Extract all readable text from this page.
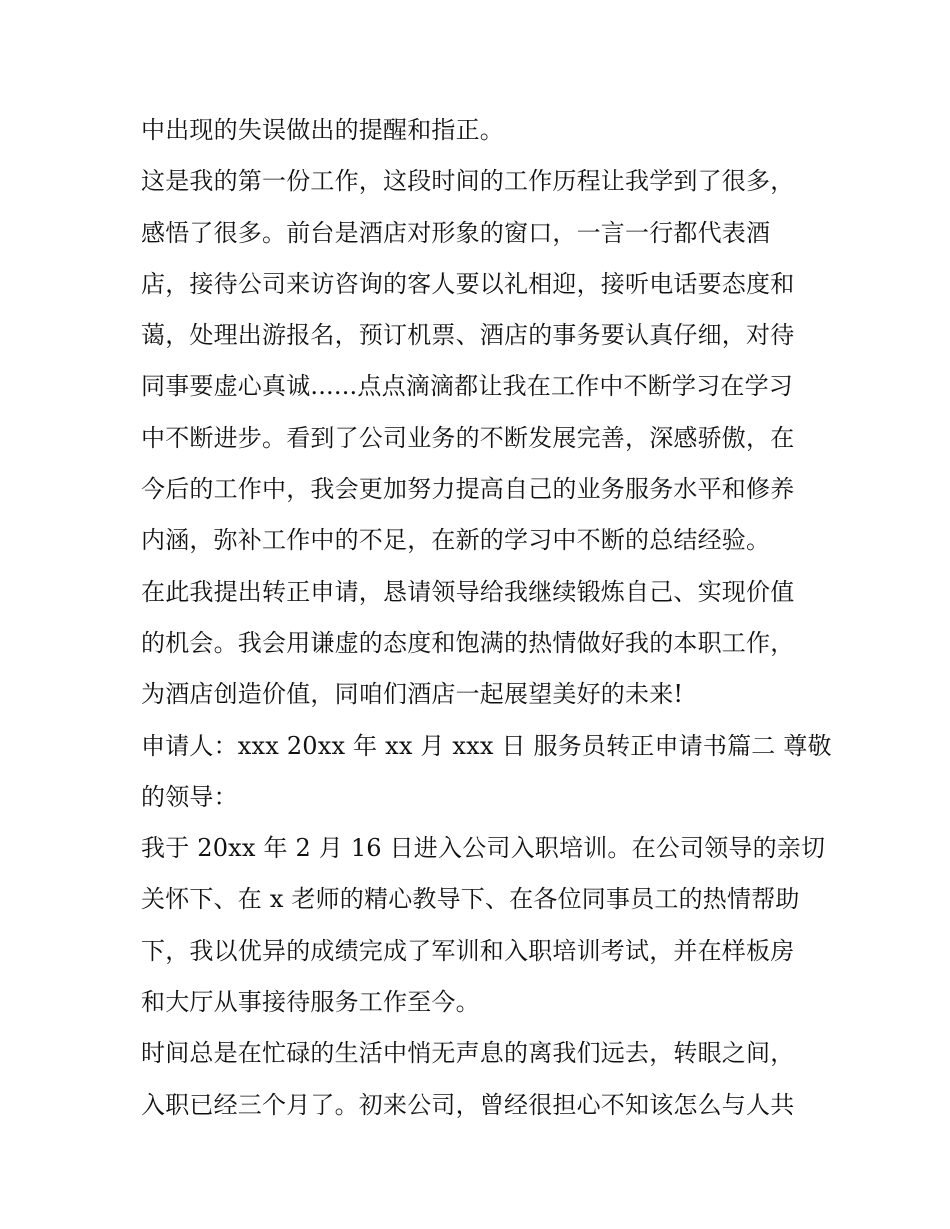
中出现的失误做出的提醒和指正。
这是我的第一份工作，这段时间的工作历程让我学到了很多，
感悟了很多。前台是酒店对形象的窗口，一言一行都代表酒
店，接待公司来访咨询的客人要以礼相迎，接听电话要态度和
蔼，处理出游报名，预订机票、酒店的事务要认真仔细，对待
同事要虚心真诚......点点滴滴都让我在工作中不断学习在学习
中不断进步。看到了公司业务的不断发展完善，深感骄傲，在
今后的工作中，我会更加努力提高自己的业务服务水平和修养
内涵，弥补工作中的不足，在新的学习中不断的总结经验。
在此我提出转正申请，恳请领导给我继续锻炼自己、实现价值
的机会。我会用谦虚的态度和饱满的热情做好我的本职工作，
为酒店创造价值，同咱们酒店一起展望美好的未来!
申请人：xxx 20xx 年 xx 月 xxx 日 服务员转正申请书篇二 尊敬
的领导：
我于 20xx 年 2 月 16 日进入公司入职培训。在公司领导的亲切
关怀下、在 x 老师的精心教导下、在各位同事员工的热情帮助
下，我以优异的成绩完成了军训和入职培训考试，并在样板房
和大厅从事接待服务工作至今。
时间总是在忙碌的生活中悄无声息的离我们远去，转眼之间，
入职已经三个月了。初来公司，曾经很担心不知该怎么与人共
